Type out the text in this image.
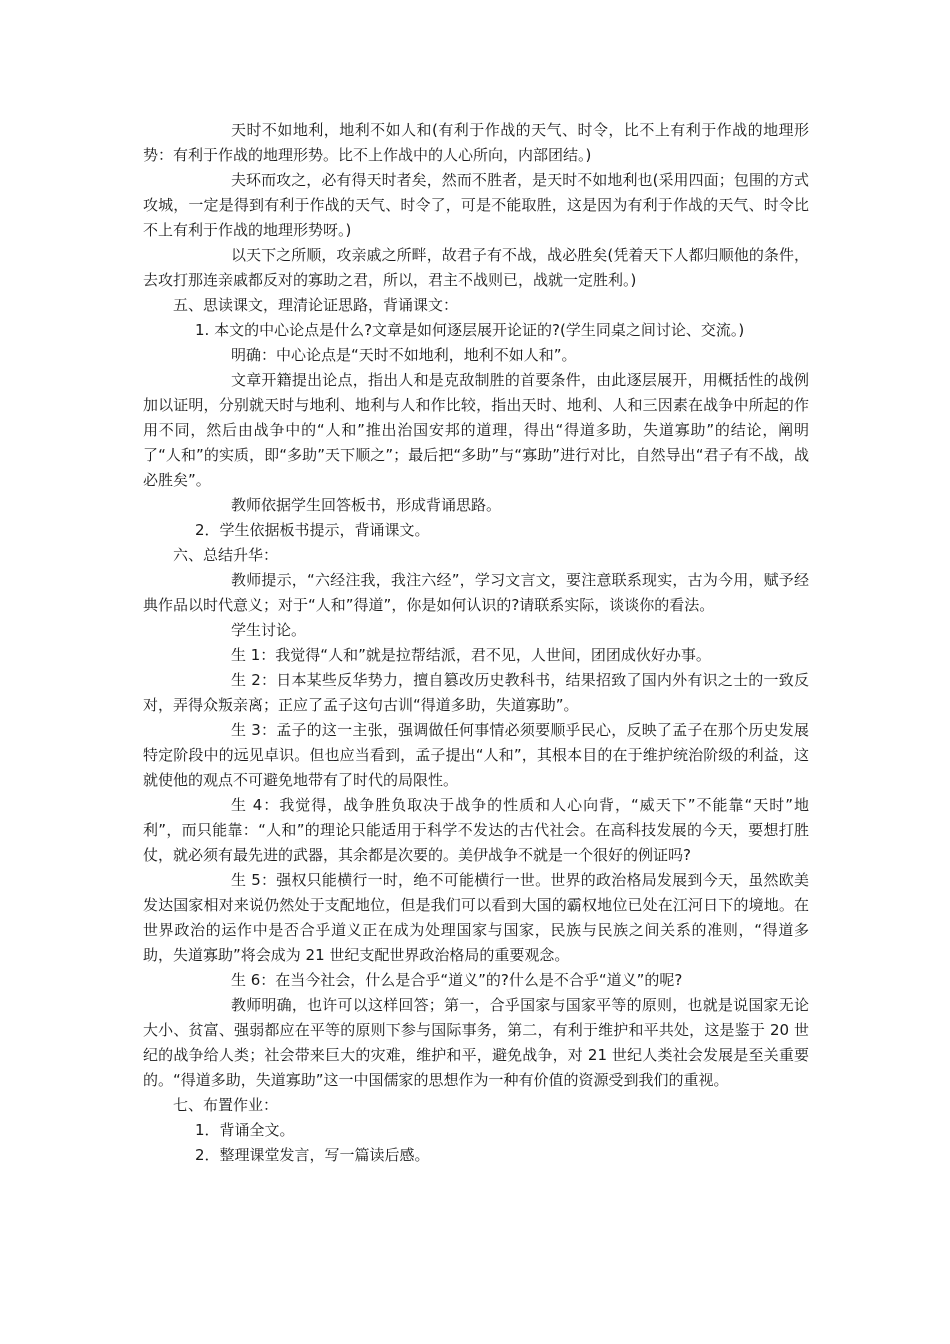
天时不如地利，地利不如人和(有利于作战的天气、时令，比不上有利于作战的地理形势：有利于作战的地理形势。比不上作战中的人心所向，内部团结。)

夫环而攻之，必有得天时者矣，然而不胜者，是天时不如地利也(采用四面；包围的方式攻城，一定是得到有利于作战的天气、时令了，可是不能取胜，这是因为有利于作战的天气、时令比不上有利于作战的地理形势呀。)

以天下之所顺，攻亲戚之所畔，故君子有不战，战必胜矣(凭着天下人都归顺他的条件，去攻打那连亲戚都反对的寡助之君，所以，君主不战则已，战就一定胜利。)

五、思读课文，理清论证思路，背诵课文：

1. 本文的中心论点是什么?文章是如何逐层展开论证的?(学生同桌之间讨论、交流。)

明确：中心论点是“天时不如地利，地利不如人和”。

文章开籍提出论点，指出人和是克敌制胜的首要条件，由此逐层展开，用概括性的战例加以证明，分别就天时与地利、地利与人和作比较，指出天时、地利、人和三因素在战争中所起的作用不同，然后由战争中的“人和”推出治国安邦的道理，得出“得道多助，失道寡助”的结论，阐明了“人和”的实质，即“多助”天下顺之”；最后把“多助”与“寡助”进行对比，自然导出“君子有不战，战必胜矣”。

教师依据学生回答板书，形成背诵思路。

2．学生依据板书提示，背诵课文。

六、总结升华：

教师提示，“六经注我，我注六经”，学习文言文，要注意联系现实，古为今用，赋予经典作品以时代意义；对于“人和”得道”，你是如何认识的?请联系实际，谈谈你的看法。

学生讨论。

生 1：我觉得“人和”就是拉帮结派，君不见，人世间，团团成伙好办事。

生 2：日本某些反华势力，擅自篡改历史教科书，结果招致了国内外有识之士的一致反对，弄得众叛亲离；正应了孟子这句古训“得道多助，失道寡助”。

生 3：孟子的这一主张，强调做任何事情必须要顺乎民心，反映了孟子在那个历史发展特定阶段中的远见卓识。但也应当看到，孟子提出“人和”，其根本目的在于维护统治阶级的利益，这就使他的观点不可避免地带有了时代的局限性。

生 4：我觉得，战争胜负取决于战争的性质和人心向背，“威天下”不能靠“天时”地利”，而只能靠：“人和”的理论只能适用于科学不发达的古代社会。在高科技发展的今天，要想打胜仗，就必须有最先进的武器，其余都是次要的。美伊战争不就是一个很好的例证吗?

生 5：强权只能横行一时，绝不可能横行一世。世界的政治格局发展到今天，虽然欧美发达国家相对来说仍然处于支配地位，但是我们可以看到大国的霸权地位已处在江河日下的境地。在世界政治的运作中是否合乎道义正在成为处理国家与国家，民族与民族之间关系的准则，“得道多助，失道寡助”将会成为 21 世纪支配世界政治格局的重要观念。

生 6：在当今社会，什么是合乎“道义”的?什么是不合乎“道义”的呢?

教师明确，也许可以这样回答；第一，合乎国家与国家平等的原则，也就是说国家无论大小、贫富、强弱都应在平等的原则下参与国际事务，第二，有利于维护和平共处，这是鉴于 20 世纪的战争给人类；社会带来巨大的灾难，维护和平，避免战争，对 21 世纪人类社会发展是至关重要的。“得道多助，失道寡助”这一中国儒家的思想作为一种有价值的资源受到我们的重视。

七、布置作业：

1．背诵全文。

2．整理课堂发言，写一篇读后感。
